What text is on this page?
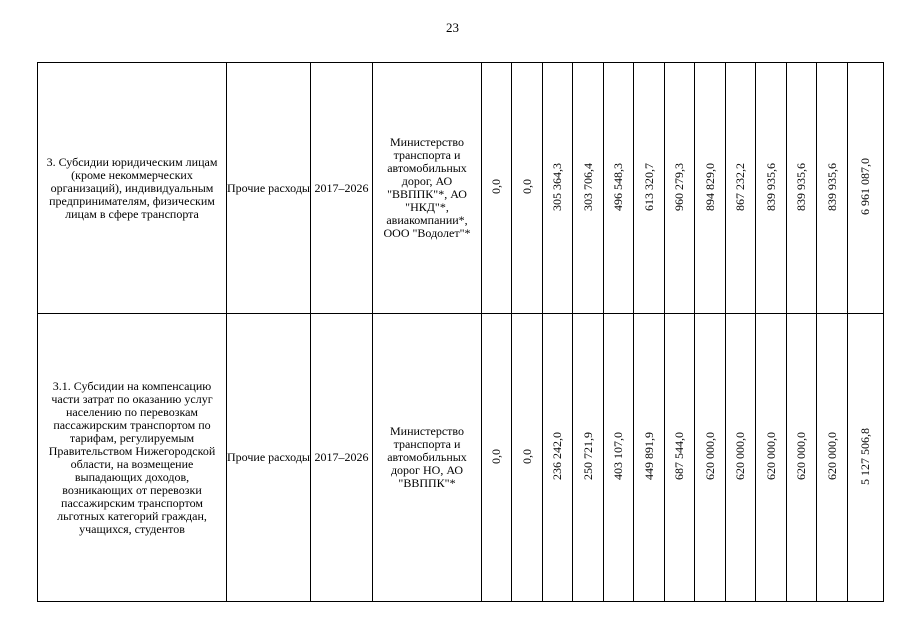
23
3. Субсидии юридическим лицам (кроме некоммерческих организаций), индивидуальным предпринимателям, физическим лицам в сфере транспорта	Прочие расходы	2017–2026	Министерство транспорта и автомобильных дорог, АО "ВВППК"*, АО "НКД"*, авиакомпании*, ООО "Водолет"*	0,0	0,0	305 364,3	303 706,4	496 548,3	613 320,7	960 279,3	894 829,0	867 232,2	839 935,6	839 935,6	839 935,6	6 961 087,0
3.1. Субсидии на компенсацию части затрат по оказанию услуг населению по перевозкам пассажирским транспортом по тарифам, регулируемым Правительством Нижегородской области, на возмещение выпадающих доходов, возникающих от перевозки пассажирским транспортом льготных категорий граждан, учащихся, студентов	Прочие расходы	2017–2026	Министерство транспорта и автомобильных дорог НО, АО "ВВППК"*	0,0	0,0	236 242,0	250 721,9	403 107,0	449 891,9	687 544,0	620 000,0	620 000,0	620 000,0	620 000,0	620 000,0	5 127 506,8
